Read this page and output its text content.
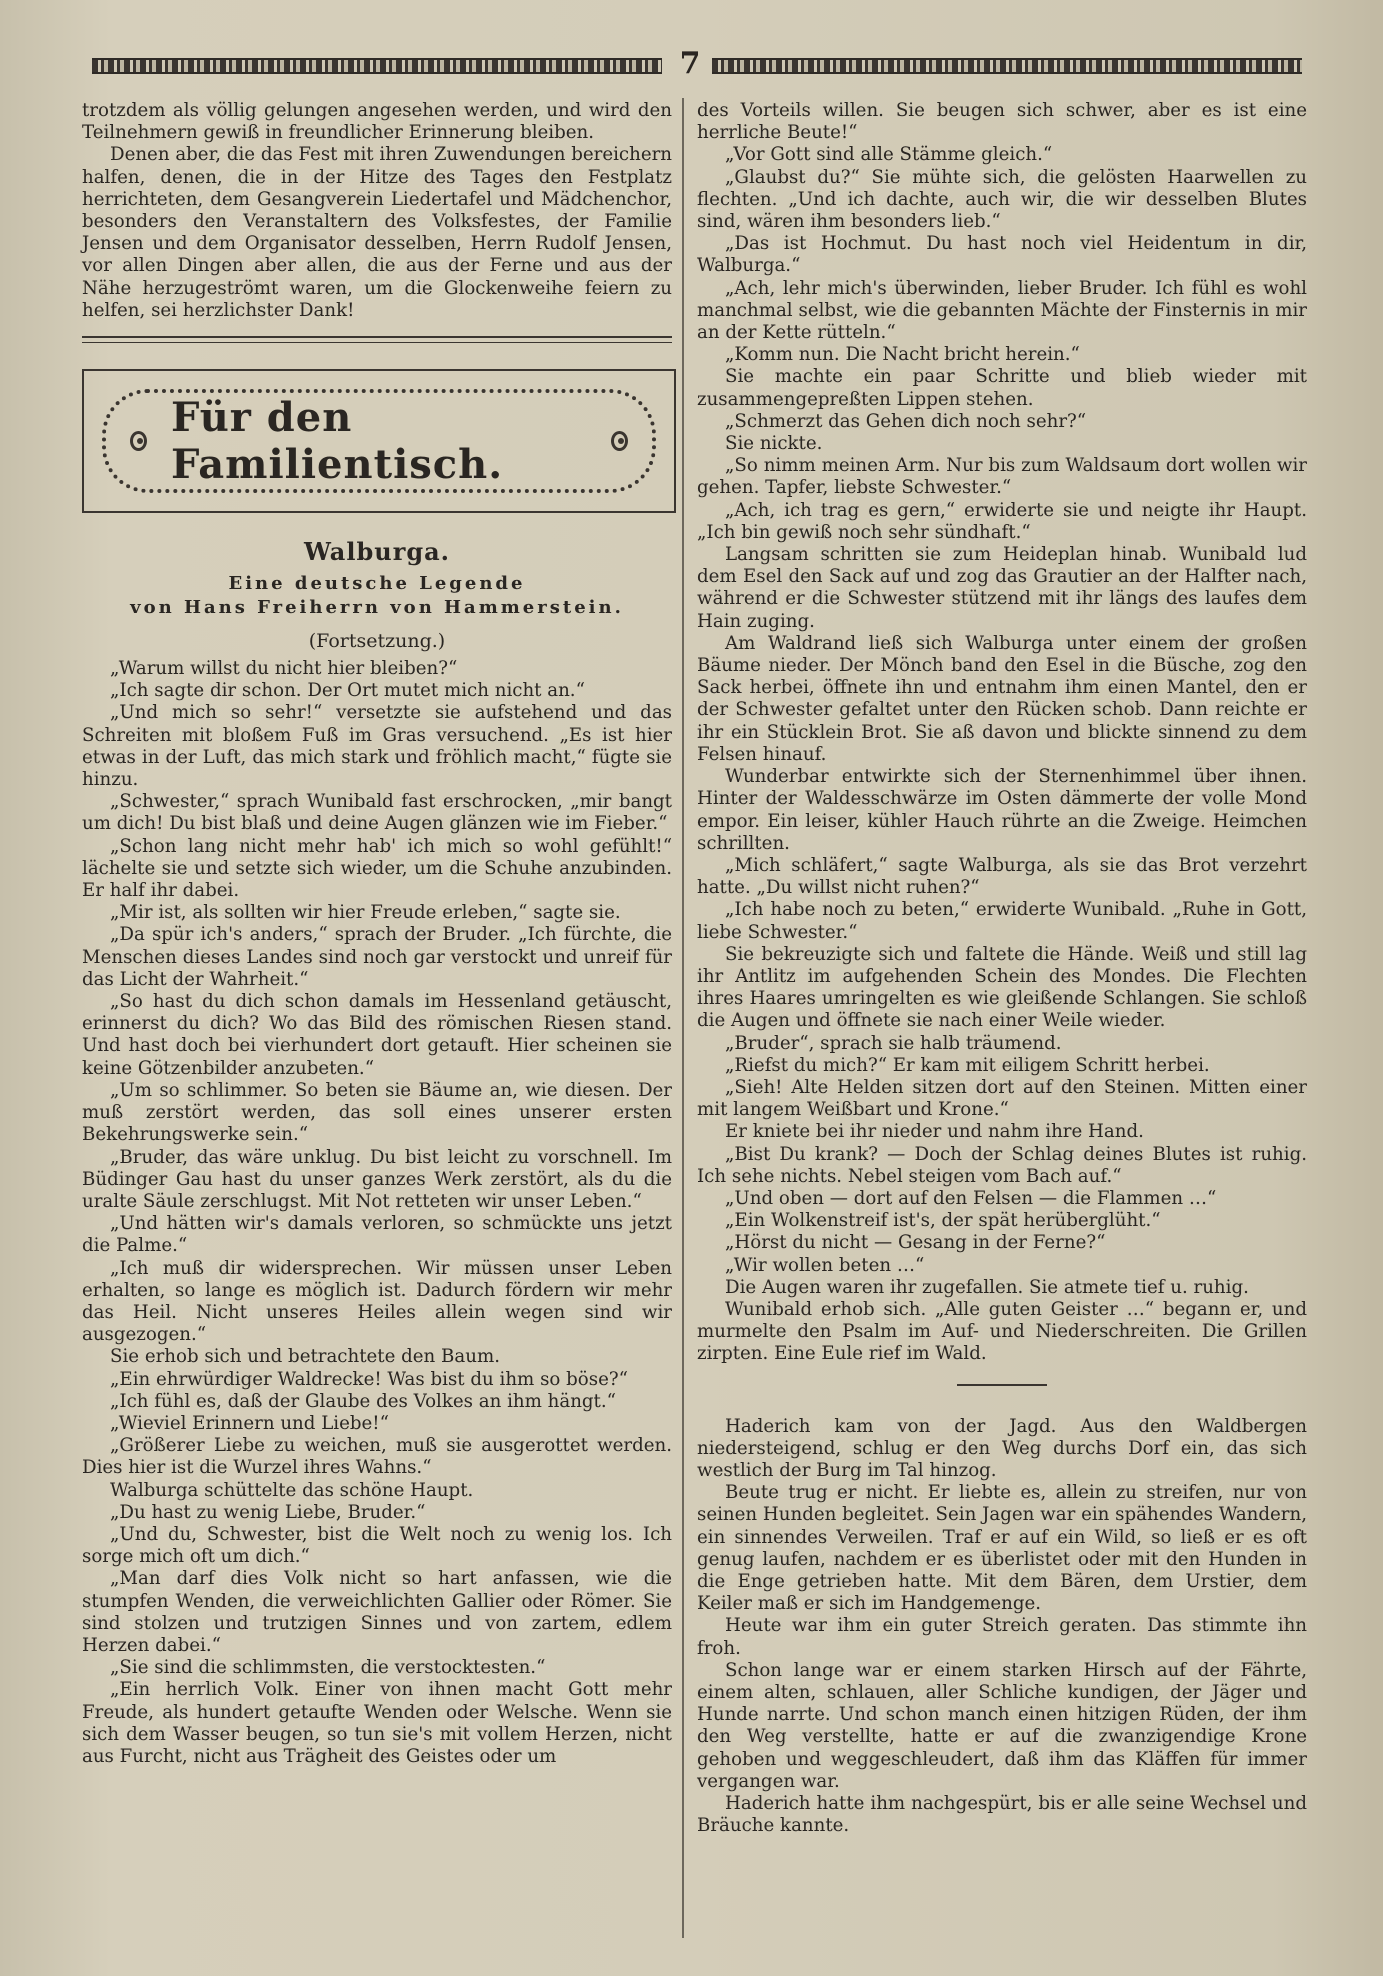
7

trotzdem als völlig gelungen angesehen werden, und wird den Teilnehmern gewiß in freundlicher Erinnerung bleiben.

Denen aber, die das Fest mit ihren Zuwendungen bereichern halfen, denen, die in der Hitze des Tages den Festplatz herrichteten, dem Gesangverein Liedertafel und Mädchenchor, besonders den Veranstaltern des Volksfestes, der Familie Jensen und dem Organisator desselben, Herrn Rudolf Jensen, vor allen Dingen aber allen, die aus der Ferne und aus der Nähe herzugeströmt waren, um die Glockenweihe feiern zu helfen, sei herzlichster Dank!

Für den Familientisch.
Walburga.
Eine deutsche Legende
von Hans Freiherrn von Hammerstein.
(Fortsetzung.)

„Warum willst du nicht hier bleiben?“

„Ich sagte dir schon. Der Ort mutet mich nicht an.“

„Und mich so sehr!“ versetzte sie aufstehend und das Schreiten mit bloßem Fuß im Gras versuchend. „Es ist hier etwas in der Luft, das mich stark und fröhlich macht,“ fügte sie hinzu.

„Schwester,“ sprach Wunibald fast erschrocken, „mir bangt um dich! Du bist blaß und deine Augen glänzen wie im Fieber.“

„Schon lang nicht mehr hab' ich mich so wohl gefühlt!“ lächelte sie und setzte sich wieder, um die Schuhe anzubinden. Er half ihr dabei.

„Mir ist, als sollten wir hier Freude erleben,“ sagte sie.

„Da spür ich's anders,“ sprach der Bruder. „Ich fürchte, die Menschen dieses Landes sind noch gar verstockt und unreif für das Licht der Wahrheit.“

„So hast du dich schon damals im Hessenland getäuscht, erinnerst du dich? Wo das Bild des römischen Riesen stand. Und hast doch bei vierhundert dort getauft. Hier scheinen sie keine Götzenbilder anzubeten.“

„Um so schlimmer. So beten sie Bäume an, wie diesen. Der muß zerstört werden, das soll eines unserer ersten Bekehrungswerke sein.“

„Bruder, das wäre unklug. Du bist leicht zu vorschnell. Im Büdinger Gau hast du unser ganzes Werk zerstört, als du die uralte Säule zerschlugst. Mit Not retteten wir unser Leben.“

„Und hätten wir's damals verloren, so schmückte uns jetzt die Palme.“

„Ich muß dir widersprechen. Wir müssen unser Leben erhalten, so lange es möglich ist. Dadurch fördern wir mehr das Heil. Nicht unseres Heiles allein wegen sind wir ausgezogen.“

Sie erhob sich und betrachtete den Baum.

„Ein ehrwürdiger Waldrecke! Was bist du ihm so böse?“

„Ich fühl es, daß der Glaube des Volkes an ihm hängt.“

„Wieviel Erinnern und Liebe!“

„Größerer Liebe zu weichen, muß sie ausgerottet werden. Dies hier ist die Wurzel ihres Wahns.“

Walburga schüttelte das schöne Haupt.

„Du hast zu wenig Liebe, Bruder.“

„Und du, Schwester, bist die Welt noch zu wenig los. Ich sorge mich oft um dich.“

„Man darf dies Volk nicht so hart anfassen, wie die stumpfen Wenden, die verweichlichten Gallier oder Römer. Sie sind stolzen und trutzigen Sinnes und von zartem, edlem Herzen dabei.“

„Sie sind die schlimmsten, die verstocktesten.“

„Ein herrlich Volk. Einer von ihnen macht Gott mehr Freude, als hundert getaufte Wenden oder Welsche. Wenn sie sich dem Wasser beugen, so tun sie's mit vollem Herzen, nicht aus Furcht, nicht aus Trägheit des Geistes oder um

des Vorteils willen. Sie beugen sich schwer, aber es ist eine herrliche Beute!“

„Vor Gott sind alle Stämme gleich.“

„Glaubst du?“ Sie mühte sich, die gelösten Haarwellen zu flechten. „Und ich dachte, auch wir, die wir desselben Blutes sind, wären ihm besonders lieb.“

„Das ist Hochmut. Du hast noch viel Heidentum in dir, Walburga.“

„Ach, lehr mich's überwinden, lieber Bruder. Ich fühl es wohl manchmal selbst, wie die gebannten Mächte der Finsternis in mir an der Kette rütteln.“

„Komm nun. Die Nacht bricht herein.“

Sie machte ein paar Schritte und blieb wieder mit zusammengepreßten Lippen stehen.

„Schmerzt das Gehen dich noch sehr?“

Sie nickte.

„So nimm meinen Arm. Nur bis zum Waldsaum dort wollen wir gehen. Tapfer, liebste Schwester.“

„Ach, ich trag es gern,“ erwiderte sie und neigte ihr Haupt. „Ich bin gewiß noch sehr sündhaft.“

Langsam schritten sie zum Heideplan hinab. Wunibald lud dem Esel den Sack auf und zog das Grautier an der Halfter nach, während er die Schwester stützend mit ihr längs des laufes dem Hain zuging.

Am Waldrand ließ sich Walburga unter einem der großen Bäume nieder. Der Mönch band den Esel in die Büsche, zog den Sack herbei, öffnete ihn und entnahm ihm einen Mantel, den er der Schwester gefaltet unter den Rücken schob. Dann reichte er ihr ein Stücklein Brot. Sie aß davon und blickte sinnend zu dem Felsen hinauf.

Wunderbar entwirkte sich der Sternenhimmel über ihnen. Hinter der Waldesschwärze im Osten dämmerte der volle Mond empor. Ein leiser, kühler Hauch rührte an die Zweige. Heimchen schrillten.

„Mich schläfert,“ sagte Walburga, als sie das Brot verzehrt hatte. „Du willst nicht ruhen?“

„Ich habe noch zu beten,“ erwiderte Wunibald. „Ruhe in Gott, liebe Schwester.“

Sie bekreuzigte sich und faltete die Hände. Weiß und still lag ihr Antlitz im aufgehenden Schein des Mondes. Die Flechten ihres Haares umringelten es wie gleißende Schlangen. Sie schloß die Augen und öffnete sie nach einer Weile wieder.

„Bruder“, sprach sie halb träumend.

„Riefst du mich?“ Er kam mit eiligem Schritt herbei.

„Sieh! Alte Helden sitzen dort auf den Steinen. Mitten einer mit langem Weißbart und Krone.“

Er kniete bei ihr nieder und nahm ihre Hand.

„Bist Du krank? — Doch der Schlag deines Blutes ist ruhig. Ich sehe nichts. Nebel steigen vom Bach auf.“

„Und oben — dort auf den Felsen — die Flammen …“

„Ein Wolkenstreif ist's, der spät herüberglüht.“

„Hörst du nicht — Gesang in der Ferne?“

„Wir wollen beten …“

Die Augen waren ihr zugefallen. Sie atmete tief u. ruhig.

Wunibald erhob sich. „Alle guten Geister …“ begann er, und murmelte den Psalm im Auf- und Niederschreiten. Die Grillen zirpten. Eine Eule rief im Wald.

Haderich kam von der Jagd. Aus den Waldbergen niedersteigend, schlug er den Weg durchs Dorf ein, das sich westlich der Burg im Tal hinzog.

Beute trug er nicht. Er liebte es, allein zu streifen, nur von seinen Hunden begleitet. Sein Jagen war ein spähendes Wandern, ein sinnendes Verweilen. Traf er auf ein Wild, so ließ er es oft genug laufen, nachdem er es überlistet oder mit den Hunden in die Enge getrieben hatte. Mit dem Bären, dem Urstier, dem Keiler maß er sich im Handgemenge.

Heute war ihm ein guter Streich geraten. Das stimmte ihn froh.

Schon lange war er einem starken Hirsch auf der Fährte, einem alten, schlauen, aller Schliche kundigen, der Jäger und Hunde narrte. Und schon manch einen hitzigen Rüden, der ihm den Weg verstellte, hatte er auf die zwanzigendige Krone gehoben und weggeschleudert, daß ihm das Kläffen für immer vergangen war.

Haderich hatte ihm nachgespürt, bis er alle seine Wechsel und Bräuche kannte.
